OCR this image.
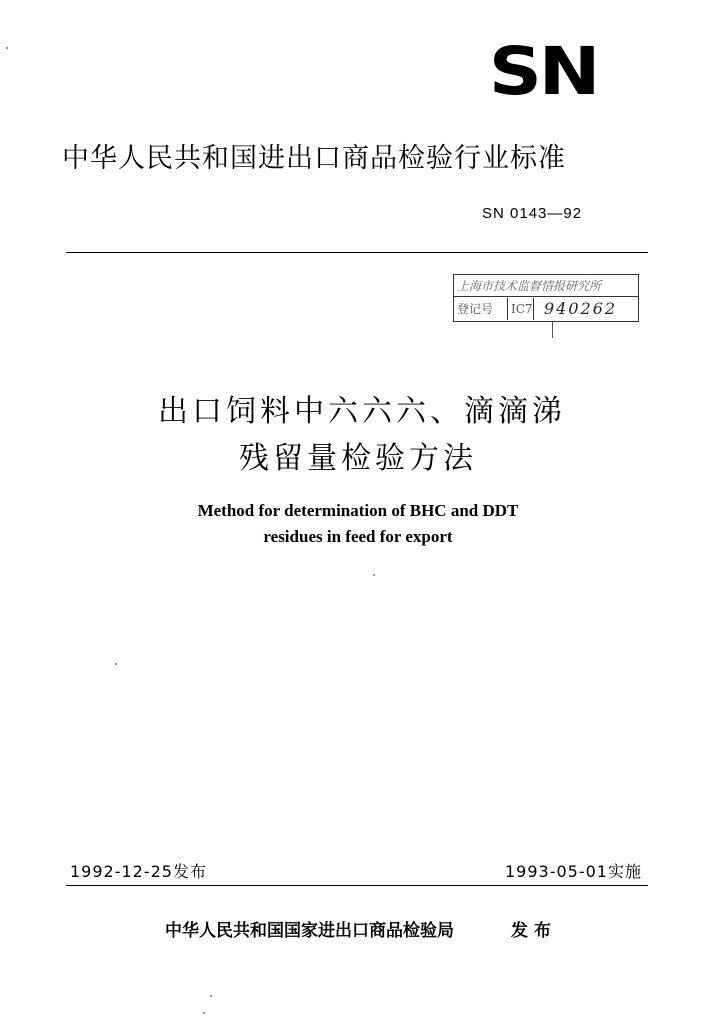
SN
中华人民共和国进出口商品检验行业标准
SN 0143—92
上海市技术监督情报研究所
登记号	IC7 940262
出口饲料中六六六、滴滴涕
残留量检验方法
Method for determination of BHC and DDT
residues in feed for export
1992-12-25发布	1993-05-01实施
中华人民共和国国家进出口商品检验局	发布
